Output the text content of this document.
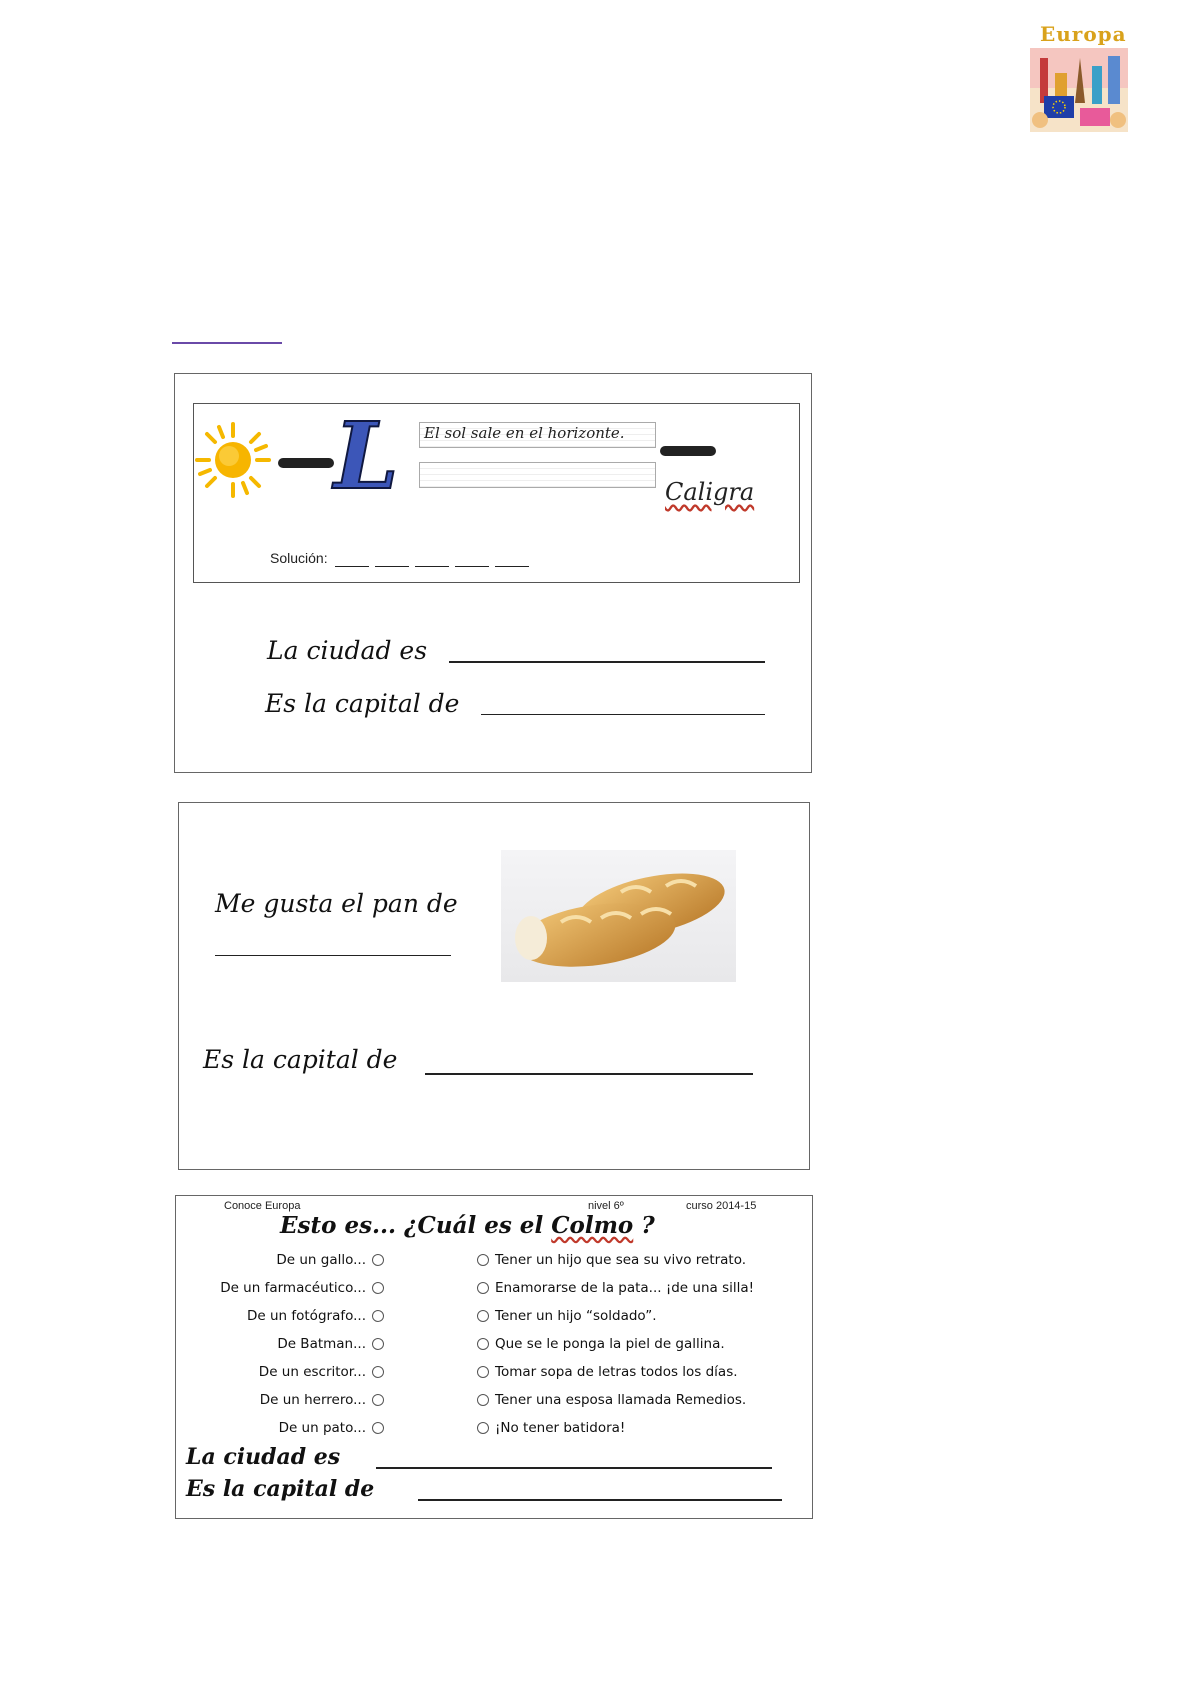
Europa
L El sol sale en el horizonte.
Caligra
Solución:
La ciudad es
Es la capital de
Me gusta el pan de
Es la capital de
Conoce Europa	nivel 6º	curso 2014-15
Esto es... ¿Cuál es el Colmo ?
De un gallo...
De un farmacéutico...
De un fotógrafo...
De Batman...
De un escritor...
De un herrero...
De un pato...
Tener un hijo que sea su vivo retrato.
Enamorarse de la pata... ¡de una silla!
Tener un hijo “soldado”.
Que se le ponga la piel de gallina.
Tomar sopa de letras todos los días.
Tener una esposa llamada Remedios.
¡No tener batidora!
La ciudad es
Es la capital de
